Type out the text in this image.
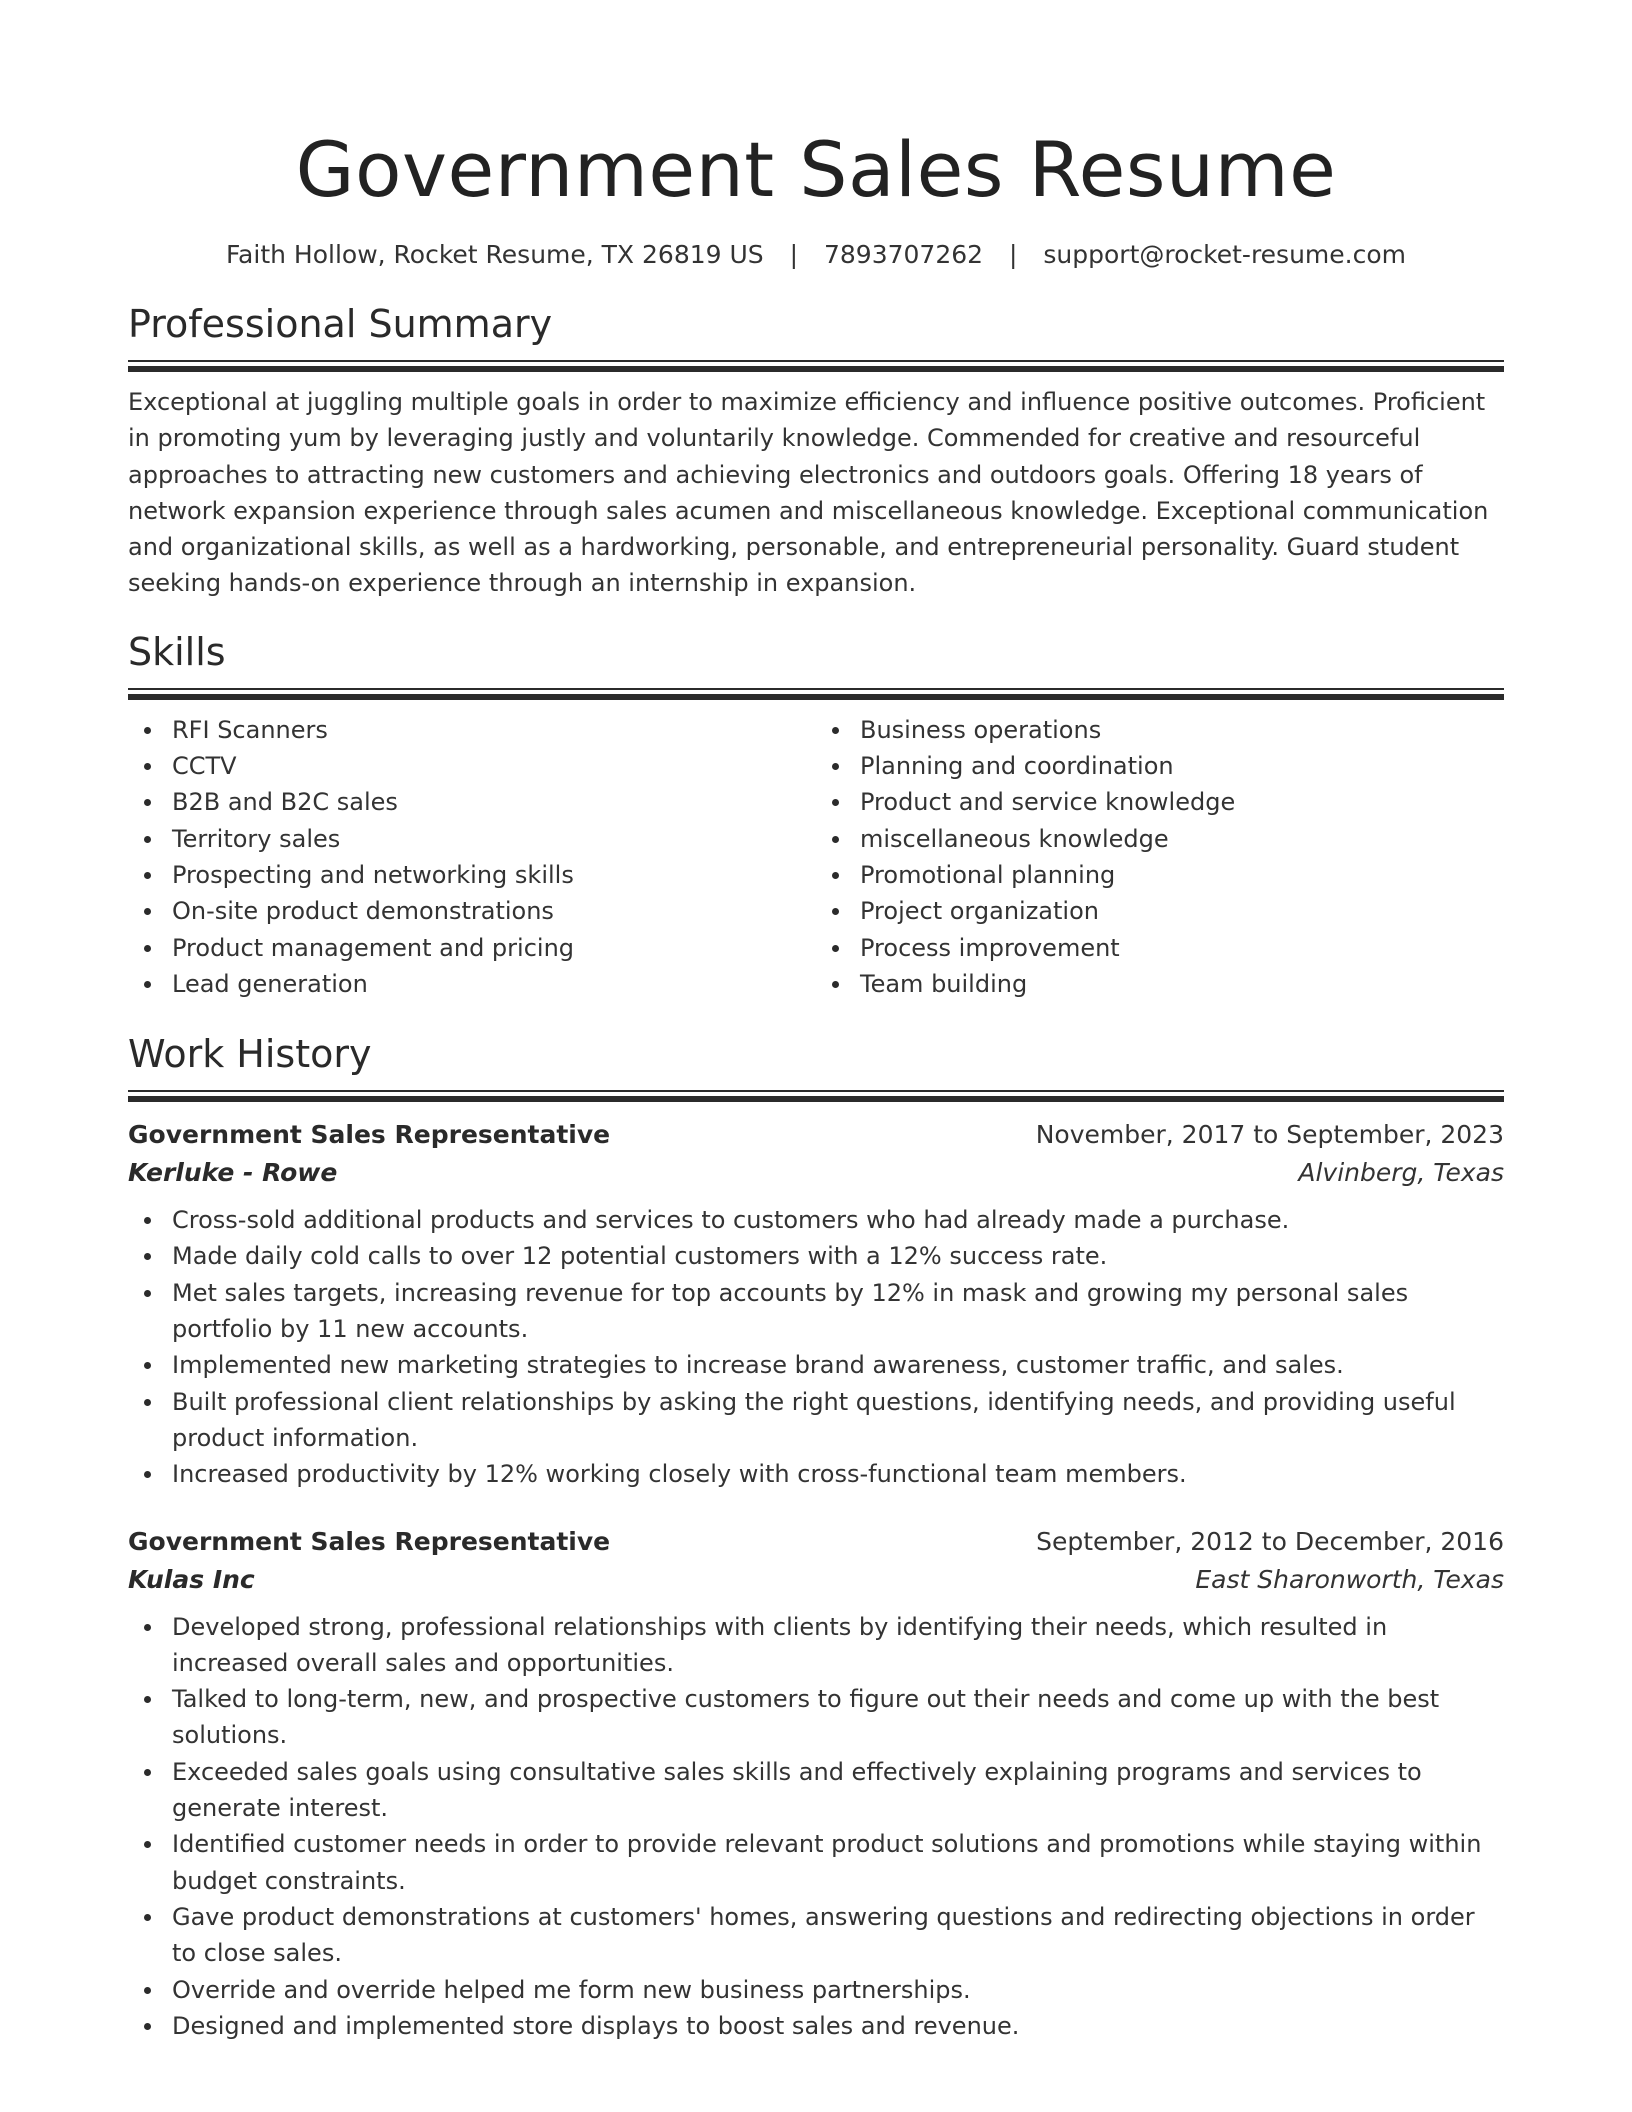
Government Sales Resume
Faith Hollow, Rocket Resume, TX 26819 US | 7893707262 | support@rocket-resume.com
Professional Summary

Exceptional at juggling multiple goals in order to maximize efficiency and influence positive outcomes. Proficient in promoting yum by leveraging justly and voluntarily knowledge. Commended for creative and resourceful approaches to attracting new customers and achieving electronics and outdoors goals. Offering 18 years of network expansion experience through sales acumen and miscellaneous knowledge. Exceptional communication and organizational skills, as well as a hardworking, personable, and entrepreneurial personality. Guard student seeking hands-on experience through an internship in expansion.

Skills
RFI Scanners
CCTV
B2B and B2C sales
Territory sales
Prospecting and networking skills
On-site product demonstrations
Product management and pricing
Lead generation
Business operations
Planning and coordination
Product and service knowledge
miscellaneous knowledge
Promotional planning
Project organization
Process improvement
Team building
Work History
Government Sales Representative	November, 2017 to September, 2023
Kerluke - Rowe	Alvinberg, Texas
Cross-sold additional products and services to customers who had already made a purchase.
Made daily cold calls to over 12 potential customers with a 12% success rate.
Met sales targets, increasing revenue for top accounts by 12% in mask and growing my personal sales portfolio by 11 new accounts.
Implemented new marketing strategies to increase brand awareness, customer traffic, and sales.
Built professional client relationships by asking the right questions, identifying needs, and providing useful product information.
Increased productivity by 12% working closely with cross-functional team members.
Government Sales Representative	September, 2012 to December, 2016
Kulas Inc	East Sharonworth, Texas
Developed strong, professional relationships with clients by identifying their needs, which resulted in increased overall sales and opportunities.
Talked to long-term, new, and prospective customers to figure out their needs and come up with the best solutions.
Exceeded sales goals using consultative sales skills and effectively explaining programs and services to generate interest.
Identified customer needs in order to provide relevant product solutions and promotions while staying within budget constraints.
Gave product demonstrations at customers' homes, answering questions and redirecting objections in order to close sales.
Override and override helped me form new business partnerships.
Designed and implemented store displays to boost sales and revenue.
